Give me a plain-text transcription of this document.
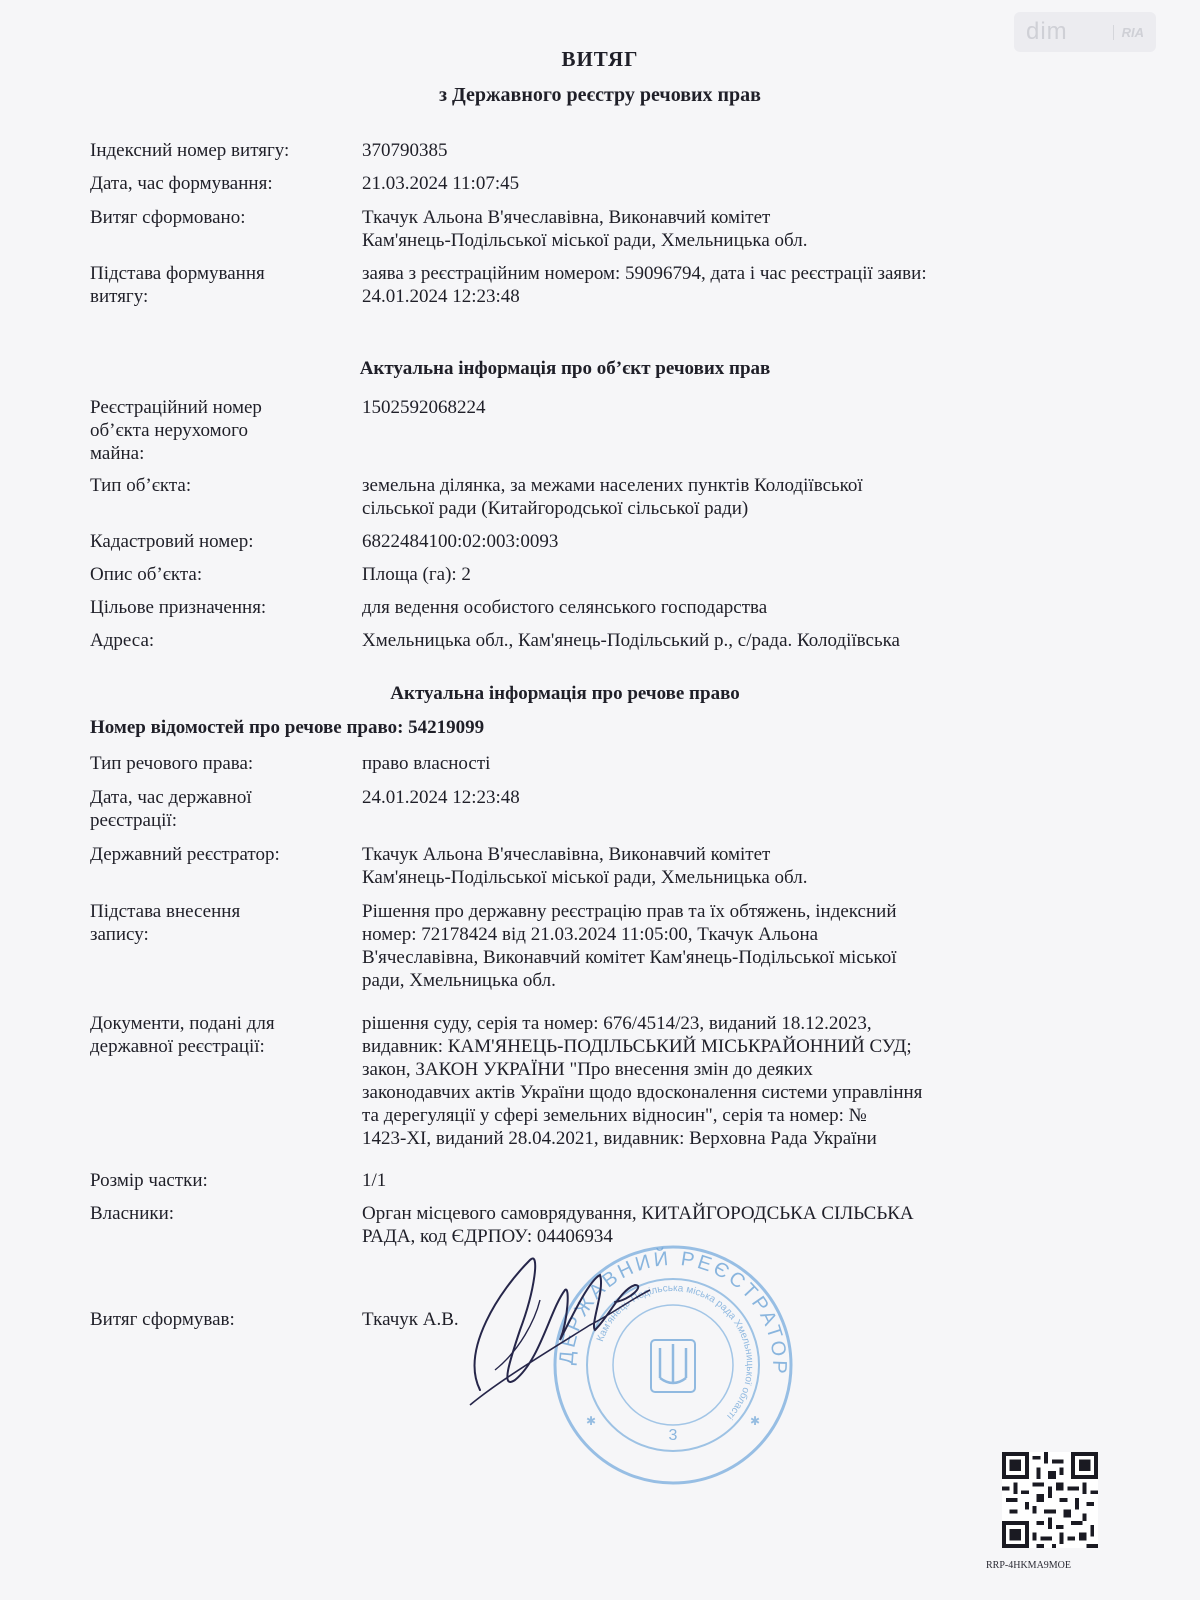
dim	RIA
ВИТЯГ
з Державного реєстру речових прав
Індексний номер витягу:	370790385
Дата, час формування:	21.03.2024 11:07:45
Витяг сформовано:	Ткачук Альона В'ячеславівна, Виконавчий комітет
Кам'янець-Подільської міської ради, Хмельницька обл.
Підстава формування
витягу:
заява з реєстраційним номером: 59096794, дата і час реєстрації заяви:
24.01.2024 12:23:48
Актуальна інформація про об’єкт речових прав
Реєстраційний номер
об’єкта нерухомого
майна:
1502592068224
Тип об’єкта:	земельна ділянка, за межами населених пунктів Колодіївської
сільської ради (Китайгородської сільської ради)
Кадастровий номер:	6822484100:02:003:0093
Опис об’єкта:	Площа (га): 2
Цільове призначення:	для ведення особистого селянського господарства
Адреса:	Хмельницька обл., Кам'янець-Подільський р., с/рада. Колодіївська
Актуальна інформація про речове право
Номер відомостей про речове право: 54219099
Тип речового права:	право власності
Дата, час державної
реєстрації:
24.01.2024 12:23:48
Державний реєстратор:	Ткачук Альона В'ячеславівна, Виконавчий комітет
Кам'янець-Подільської міської ради, Хмельницька обл.
Підстава внесення
запису:
Рішення про державну реєстрацію прав та їх обтяжень, індексний
номер: 72178424 від 21.03.2024 11:05:00, Ткачук Альона
В'ячеславівна, Виконавчий комітет Кам'янець-Подільської міської
ради, Хмельницька обл.
Документи, подані для
державної реєстрації:
рішення суду, серія та номер: 676/4514/23, виданий 18.12.2023,
видавник: КАМ'ЯНЕЦЬ-ПОДІЛЬСЬКИЙ МІСЬКРАЙОННИЙ СУД;
закон, ЗАКОН УКРАЇНИ "Про внесення змін до деяких
законодавчих актів України щодо вдосконалення системи управління
та дерегуляції у сфері земельних відносин", серія та номер: №
1423-XI, виданий 28.04.2021, видавник: Верховна Рада України
Розмір частки:	1/1
Власники:	Орган місцевого самоврядування, КИТАЙГОРОДСЬКА СІЛЬСЬКА
РАДА, код ЄДРПОУ: 04406934
Витяг сформував:	Ткачук А.В.
ДЕРЖАВНИЙ РЕЄСТРАТОР
Кам'янець-Подільська міська рада Хмельницької області
3
✱	✱
RRP-4HKMA9MOE
